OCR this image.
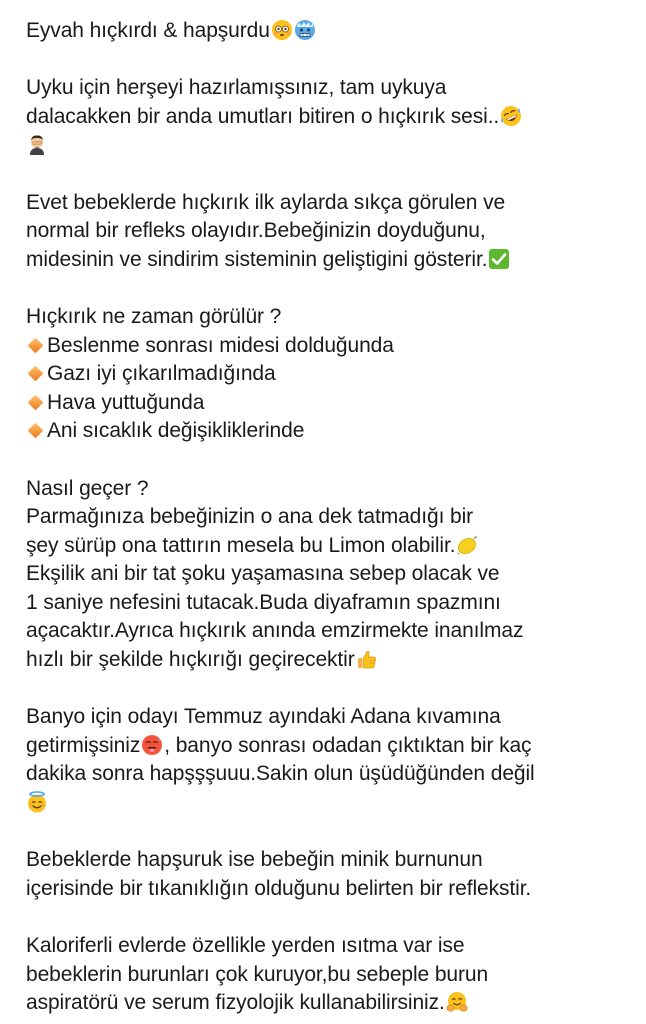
Eyvah hıçkırdı & hapşurdu
Uyku için herşeyi hazırlamışsınız, tam uykuya
dalacakken bir anda umutları bitiren o hıçkırık sesi..
Evet bebeklerde hıçkırık ilk aylarda sıkça görulen ve
normal bir refleks olayıdır.Bebeğinizin doyduğunu,
midesinin ve sindirim sisteminin geliştigini gösterir.
Hıçkırık ne zaman görülür ?
Beslenme sonrası midesi dolduğunda
Gazı iyi çıkarılmadığında
Hava yuttuğunda
Ani sıcaklık değişikliklerinde
Nasıl geçer ?
Parmağınıza bebeğinizin o ana dek tatmadığı bir
şey sürüp ona tattırın mesela bu Limon olabilir.
Ekşilik ani bir tat şoku yaşamasına sebep olacak ve
1 saniye nefesini tutacak.Buda diyaframın spazmını
açacaktır.Ayrıca hıçkırık anında emzirmekte inanılmaz
hızlı bir şekilde hıçkırığı geçirecektir
Banyo için odayı Temmuz ayındaki Adana kıvamına
getirmişsiniz , banyo sonrası odadan çıktıktan bir kaç
dakika sonra hapşşşuuu.Sakin olun üşüdüğünden değil
Bebeklerde hapşuruk ise bebeğin minik burnunun
içerisinde bir tıkanıklığın olduğunu belirten bir reflekstir.
Kaloriferli evlerde özellikle yerden ısıtma var ise
bebeklerin burunları çok kuruyor,bu sebeple burun
aspiratörü ve serum fizyolojik kullanabilirsiniz.
